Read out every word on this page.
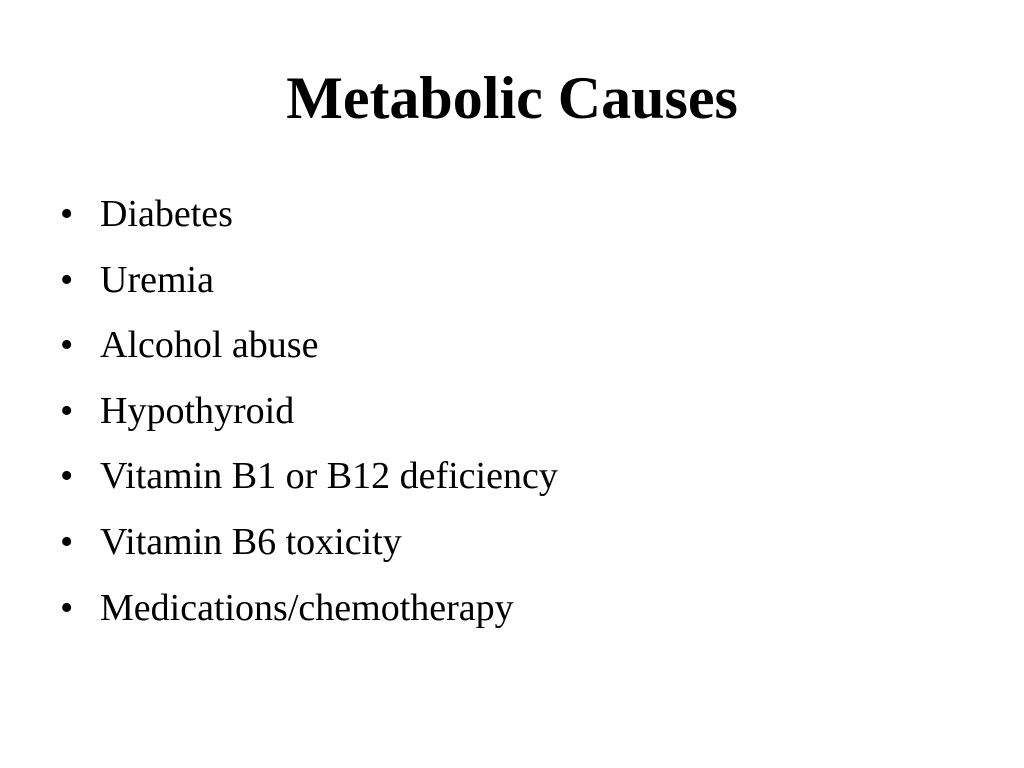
Metabolic Causes
• Diabetes
• Uremia
• Alcohol abuse
• Hypothyroid
• Vitamin B1 or B12 deficiency
• Vitamin B6 toxicity
• Medications/chemotherapy
